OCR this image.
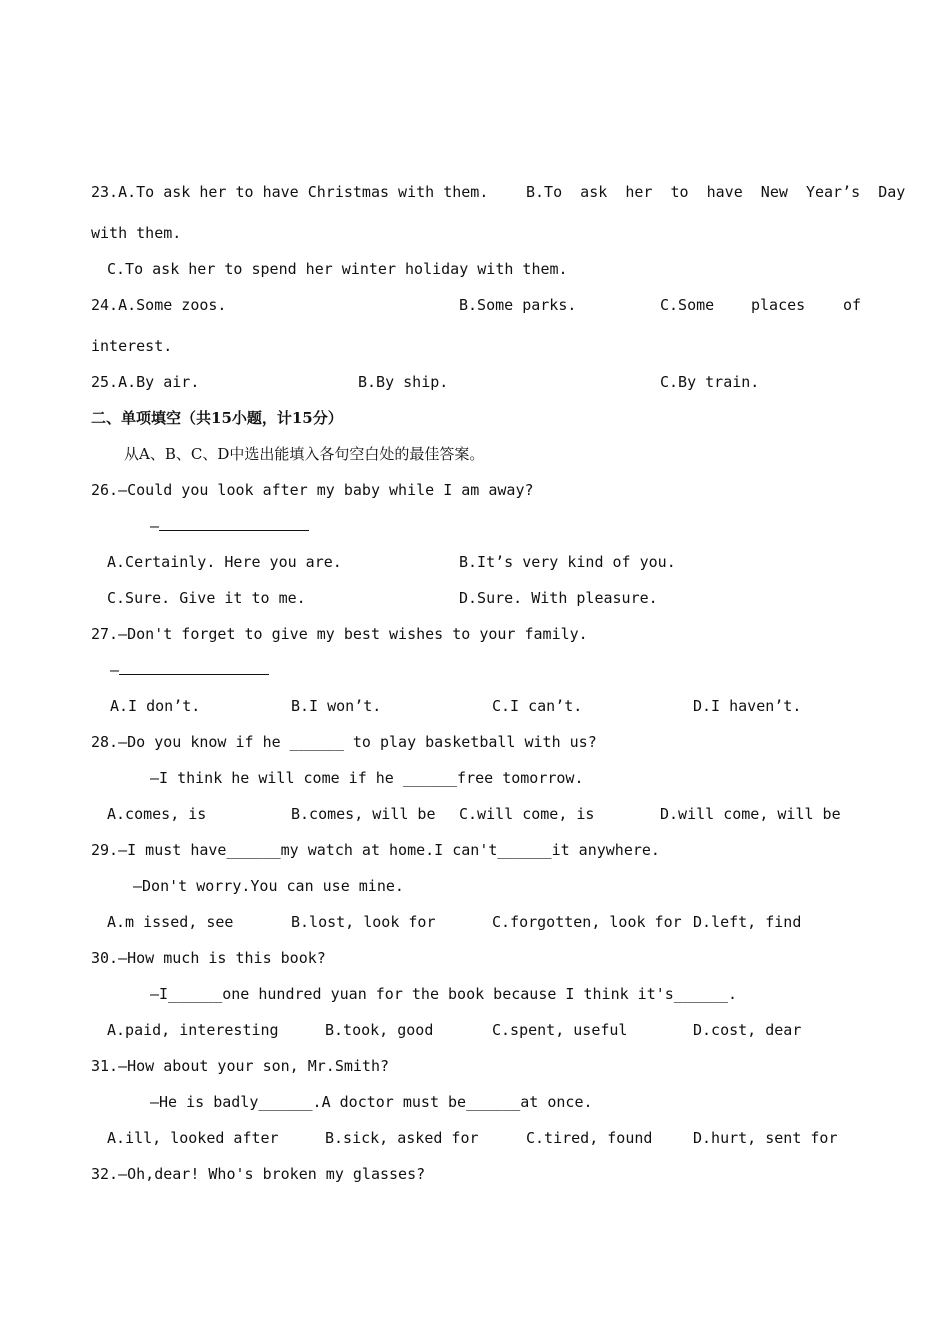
23.A.To ask her to have Christmas with them.	B.To  ask  her  to  have  New  Year’s  Day
with them.
C.To ask her to spend her winter holiday with them.
24.A.Some zoos.	B.Some parks.	C.Some places	of
interest.
25.A.By air.	B.By ship.	C.By train.
二、单项填空（共15小题，计15分）
从A、B、C、D中选出能填入各句空白处的最佳答案。
26.—Could you look after my baby while I am away?
—
A.Certainly. Here you are.	B.It’s very kind of you.
C.Sure. Give it to me.	D.Sure. With pleasure.
27.—Don't forget to give my best wishes to your family.
—
A.I don’t.	B.I won’t.	C.I can’t.	D.I haven’t.
28.—Do you know if he ______ to play basketball with us?
—I think he will come if he ______free tomorrow.
A.comes, is	B.comes, will be C.will come, is	D.will come, will be
29.—I must have______my watch at home.I can't______it anywhere.
—Don't worry.You can use mine.
A.m issed, see	B.lost, look for	C.forgotten, look for D.left, find
30.—How much is this book?
—I______one hundred yuan for the book because I think it's______.
A.paid, interesting	B.took, good	C.spent, useful	D.cost, dear
31.—How about your son, Mr.Smith?
—He is badly______.A doctor must be______at once.
A.ill, looked after	B.sick, asked for	C.tired, found	D.hurt, sent for
32.—Oh,dear! Who's broken my glasses?
